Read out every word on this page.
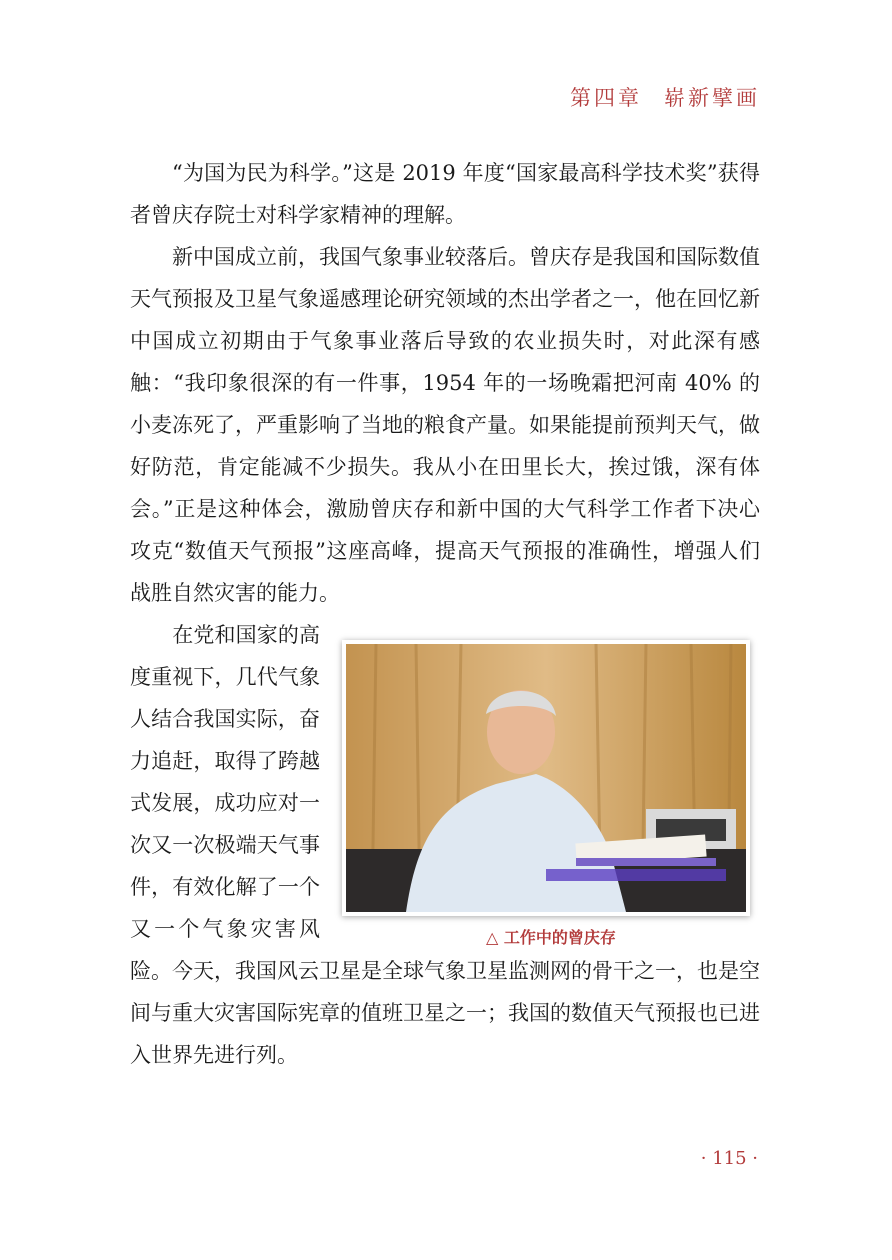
第四章 崭新擘画

“为国为民为科学。”这是 2019 年度“国家最高科学技术奖”获得者曾庆存院士对科学家精神的理解。

新中国成立前，我国气象事业较落后。曾庆存是我国和国际数值天气预报及卫星气象遥感理论研究领域的杰出学者之一，他在回忆新中国成立初期由于气象事业落后导致的农业损失时，对此深有感触：“我印象很深的有一件事，1954 年的一场晚霜把河南 40% 的小麦冻死了，严重影响了当地的粮食产量。如果能提前预判天气，做好防范，肯定能减不少损失。我从小在田里长大，挨过饿，深有体会。”正是这种体会，激励曾庆存和新中国的大气科学工作者下决心攻克“数值天气预报”这座高峰，提高天气预报的准确性，增强人们战胜自然灾害的能力。

△ 工作中的曾庆存
　　在党和国家的高度重视下，几代气象人结合我国实际，奋力追赶，取得了跨越式发展，成功应对一次又一次极端天气事件，有效化解了一个又一个气象灾害风险。今天，我国风云卫星是全球气象卫星监测网的骨干之一，也是空间与重大灾害国际宪章的值班卫星之一；我国的数值天气预报也已进入世界先进行列。

· 115 ·
